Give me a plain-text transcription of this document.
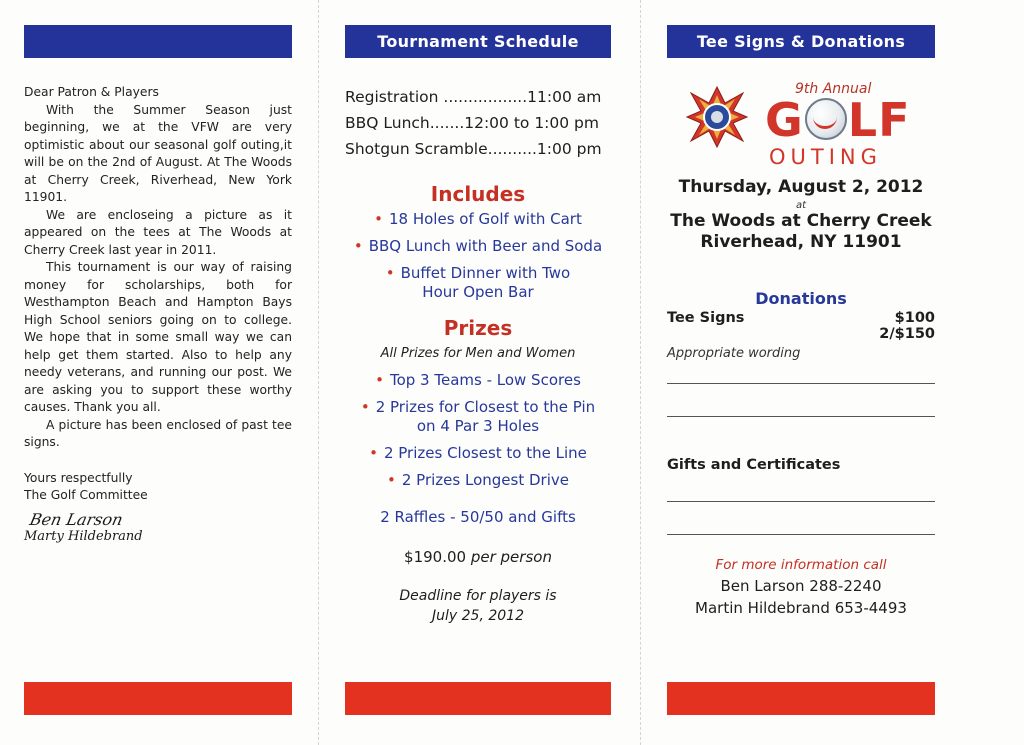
Tournament Schedule	Tee Signs & Donations
Dear Patron & Players
With the Summer Season just beginning, we at the VFW are very optimistic about our seasonal golf outing,it will be on the 2nd of August. At The Woods at Cherry Creek, Riverhead, New York 11901.
We are encloseing a picture as it appeared on the tees at The Woods at Cherry Creek last year in 2011.
This tournament is our way of raising money for scholarships, both for Westhampton Beach and Hampton Bays High School seniors going on to college. We hope that in some small way we can help get them started. Also to help any needy veterans, and running our post. We are asking you to support these worthy causes. Thank you all.
A picture has been enclosed of past tee signs.
Yours respectfully
The Golf Committee
Ben Larson
Marty Hildebrand
Registration .................11:00 am
BBQ Lunch.......12:00 to 1:00 pm
Shotgun Scramble..........1:00 pm
Includes
• 18 Holes of Golf with Cart
• BBQ Lunch with Beer and Soda
• Buffet Dinner with Two Hour Open Bar
Prizes
All Prizes for Men and Women
• Top 3 Teams - Low Scores
• 2 Prizes for Closest to the Pin on 4 Par 3 Holes
• 2 Prizes Closest to the Line
• 2 Prizes Longest Drive
2 Raffles - 50/50 and Gifts
$190.00 per person
Deadline for players is
July 25, 2012
9th Annual
G LF
OUTING
Thursday, August 2, 2012
at
The Woods at Cherry Creek
Riverhead, NY 11901
Donations
Tee Signs	$100
2/$150
Appropriate wording
Gifts and Certificates
For more information call
Ben Larson 288-2240
Martin Hildebrand 653-4493
